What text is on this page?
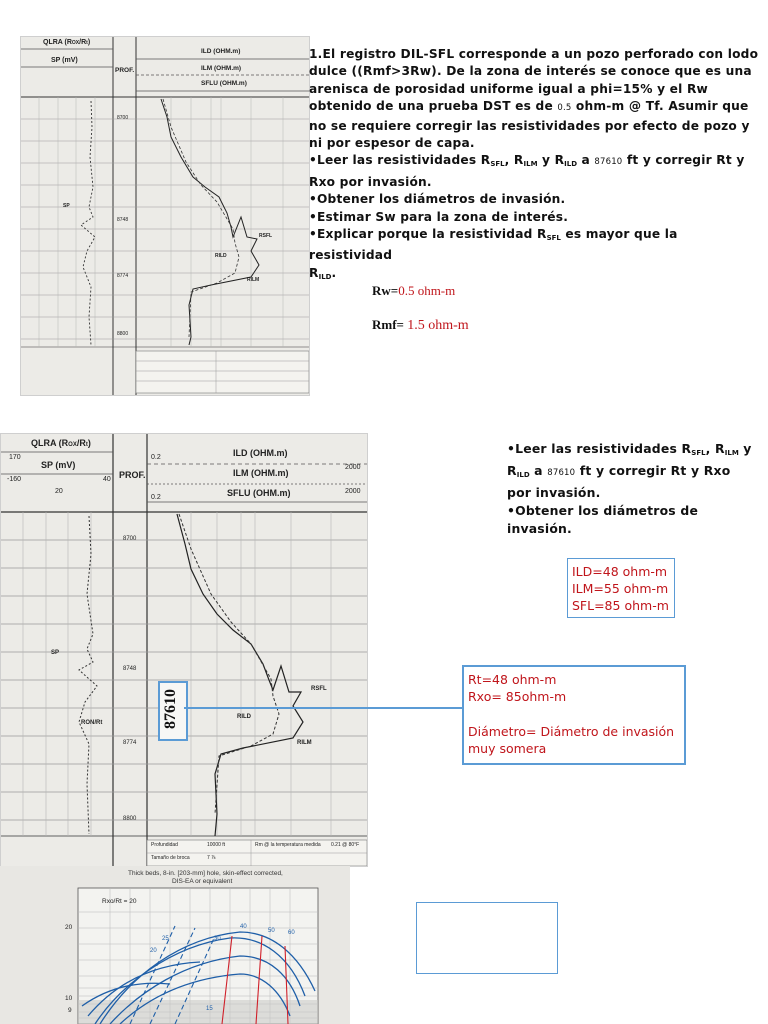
QLRA (ROX/Rt)
SP (mV)
PROF.
ILD (OHM.m)
ILM (OHM.m)
SFLU (OHM.m)
8700
8748
8774
8800
SP
RSFL
RILD
RILM

1.El registro DIL-SFL corresponde a un pozo perforado con lodo

dulce ((Rmf>3Rw). De la zona de interés se conoce que es una

arenisca de porosidad uniforme igual a phi=15% y el Rw

obtenido de una prueba DST es de 0.5 ohm-m @ Tf. Asumir que

no se requiere corregir las resistividades por efecto de pozo y

ni por espesor de capa.

•Leer las resistividades RSFL, RILM y RILD a 87610 ft y corregir Rt y

Rxo por invasión.

•Obtener los diámetros de invasión.

•Estimar Sw para la zona de interés.

•Explicar porque la resistividad RSFL es mayor que la resistividad

RILD.

Rw=0.5 ohm-m
Rmf= 1.5 ohm-m
QLRA (ROX/Rt)
SP (mV)
-160	40
20
170
PROF.
ILD (OHM.m)
ILM (OHM.m)
SFLU (OHM.m)
0.2
2000
2000
0.2
8700
8748
8774
8800
SP
RON/Rt
RSFL
RILD
RILM
Profundidad
Tamaño de broca
10000 ft
7 ⅞
Rm @ la temperatura medida 0.21 @ 80°F
87610

•Leer las resistividades RSFL, RILM y

RILD a 87610 ft y corregir Rt y Rxo

por invasión.

•Obtener los diámetros de

invasión.

ILD=48 ohm-m
ILM=55 ohm-m
SFL=85 ohm-m
Rt=48 ohm-m
Rxo= 85ohm-m
Diámetro= Diámetro de invasión
muy somera
Thick beds, 8-in. [203-mm] hole, skin-effect corrected,
DIS-EA or equivalent
Rxo/Rt = 20
20
10
9
30
40
50 60
25
20
15
